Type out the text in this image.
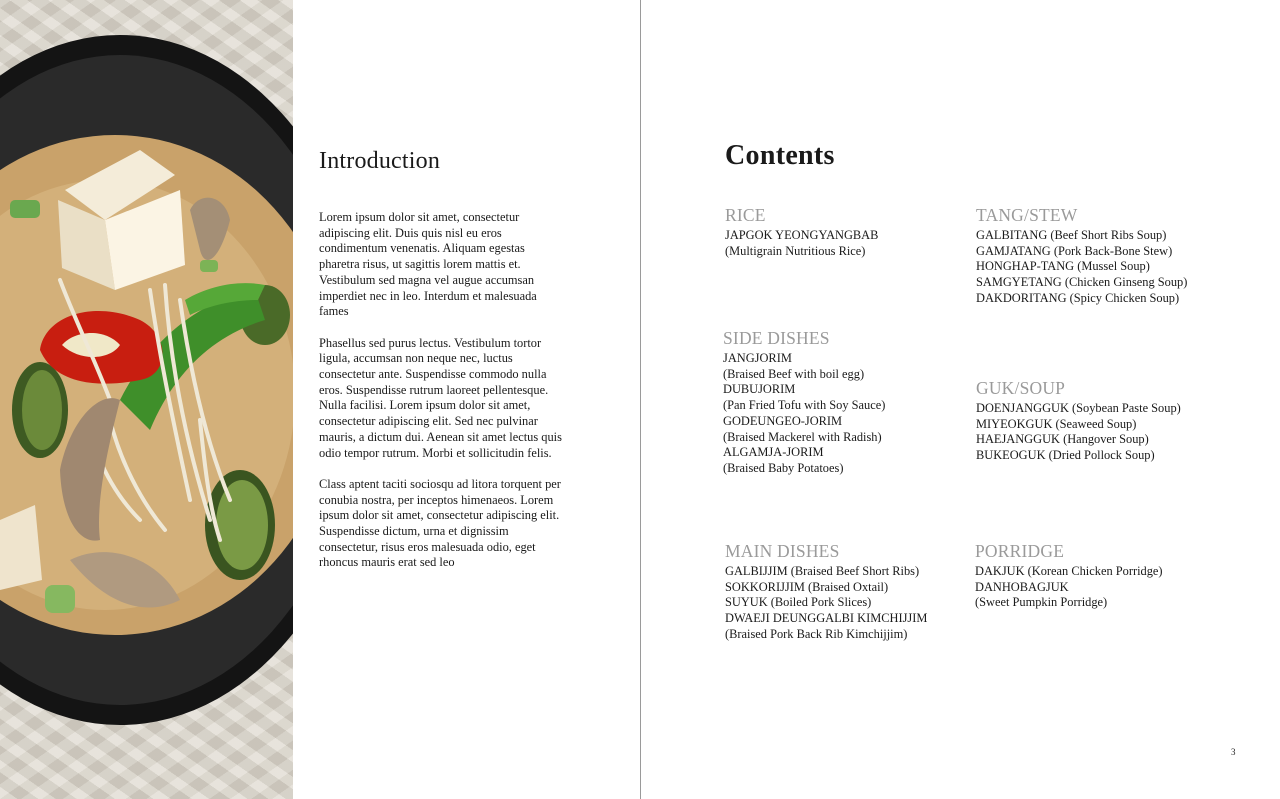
Introduction

Lorem ipsum dolor sit amet, consectetur adipiscing elit. Duis quis nisl eu eros condimentum venenatis. Aliquam egestas pharetra risus, ut sagittis lorem mattis et. Vestibulum sed magna vel augue accumsan imperdiet nec in leo. Interdum et malesuada fames

Phasellus sed purus lectus. Vestibulum tortor ligula, accumsan non neque nec, luctus consectetur ante. Suspendisse commodo nulla eros. Suspendisse rutrum laoreet pellentesque. Nulla facilisi. Lorem ipsum dolor sit amet, consectetur adipiscing elit. Sed nec pulvinar mauris, a dictum dui. Aenean sit amet lectus quis odio tempor rutrum. Morbi et sollicitudin felis.

Class aptent taciti sociosqu ad litora torquent per conubia nostra, per inceptos himenaeos. Lorem ipsum dolor sit amet, consectetur adipiscing elit. Suspendisse dictum, urna et dignissim consectetur, risus eros malesuada odio, eget rhoncus mauris erat sed leo

Contents
RICE
JAPGOK YEONGYANGBAB
(Multigrain Nutritious Rice)
TANG/STEW
GALBITANG (Beef Short Ribs Soup)
GAMJATANG (Pork Back-Bone Stew)
HONGHAP-TANG (Mussel Soup)
SAMGYETANG (Chicken Ginseng Soup)
DAKDORITANG (Spicy Chicken Soup)
SIDE DISHES
JANGJORIM
(Braised Beef with boil egg)
DUBUJORIM
(Pan Fried Tofu with Soy Sauce)
GODEUNGEO-JORIM
(Braised Mackerel with Radish)
ALGAMJA-JORIM
(Braised Baby Potatoes)
GUK/SOUP
DOENJANGGUK (Soybean Paste Soup)
MIYEOKGUK (Seaweed Soup)
HAEJANGGUK (Hangover Soup)
BUKEOGUK (Dried Pollock Soup)
MAIN DISHES
GALBIJJIM (Braised Beef Short Ribs)
SOKKORIJJIM (Braised Oxtail)
SUYUK (Boiled Pork Slices)
DWAEJI DEUNGGALBI KIMCHIJJIM
(Braised Pork Back Rib Kimchijjim)
PORRIDGE
DAKJUK (Korean Chicken Porridge)
DANHOBAGJUK
(Sweet Pumpkin Porridge)
3
